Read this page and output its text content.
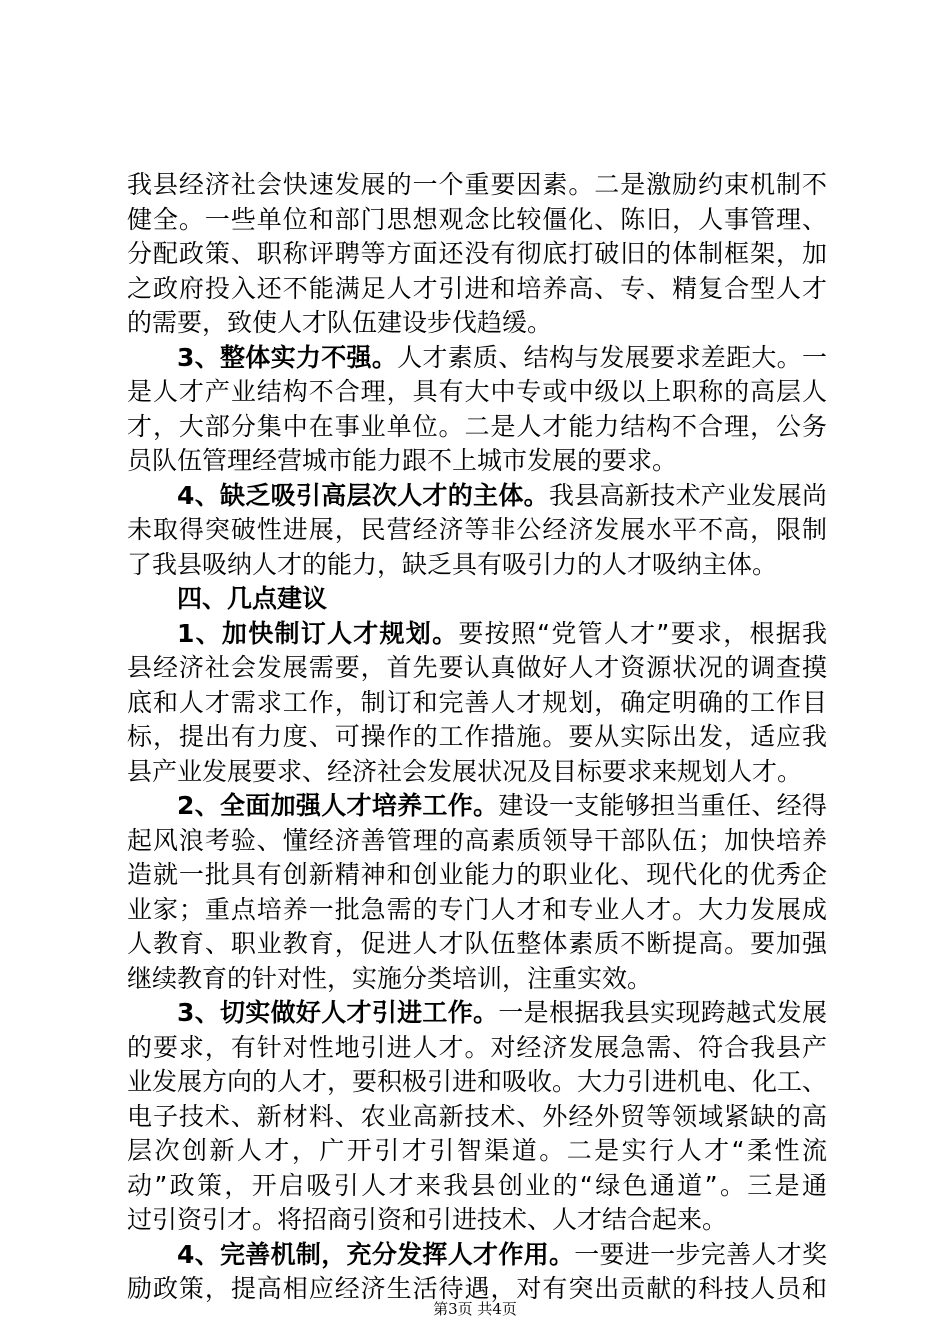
我县经济社会快速发展的一个重要因素。二是激励约束机制不
健全。一些单位和部门思想观念比较僵化、陈旧，人事管理、
分配政策、职称评聘等方面还没有彻底打破旧的体制框架，加
之政府投入还不能满足人才引进和培养高、专、精复合型人才
的需要，致使人才队伍建设步伐趋缓。
3、整体实力不强。人才素质、结构与发展要求差距大。一
是人才产业结构不合理，具有大中专或中级以上职称的高层人
才，大部分集中在事业单位。二是人才能力结构不合理，公务
员队伍管理经营城市能力跟不上城市发展的要求。
4、缺乏吸引高层次人才的主体。我县高新技术产业发展尚
未取得突破性进展，民营经济等非公经济发展水平不高，限制
了我县吸纳人才的能力，缺乏具有吸引力的人才吸纳主体。
四、几点建议
1、加快制订人才规划。要按照“党管人才”要求，根据我
县经济社会发展需要，首先要认真做好人才资源状况的调查摸
底和人才需求工作，制订和完善人才规划，确定明确的工作目
标，提出有力度、可操作的工作措施。要从实际出发，适应我
县产业发展要求、经济社会发展状况及目标要求来规划人才。
2、全面加强人才培养工作。建设一支能够担当重任、经得
起风浪考验、懂经济善管理的高素质领导干部队伍；加快培养
造就一批具有创新精神和创业能力的职业化、现代化的优秀企
业家；重点培养一批急需的专门人才和专业人才。大力发展成
人教育、职业教育，促进人才队伍整体素质不断提高。要加强
继续教育的针对性，实施分类培训，注重实效。
3、切实做好人才引进工作。一是根据我县实现跨越式发展
的要求，有针对性地引进人才。对经济发展急需、符合我县产
业发展方向的人才，要积极引进和吸收。大力引进机电、化工、
电子技术、新材料、农业高新技术、外经外贸等领域紧缺的高
层次创新人才，广开引才引智渠道。二是实行人才“柔性流
动”政策，开启吸引人才来我县创业的“绿色通道”。三是通
过引资引才。将招商引资和引进技术、人才结合起来。
4、完善机制，充分发挥人才作用。一要进一步完善人才奖
励政策，提高相应经济生活待遇，对有突出贡献的科技人员和
第3页 共4页
